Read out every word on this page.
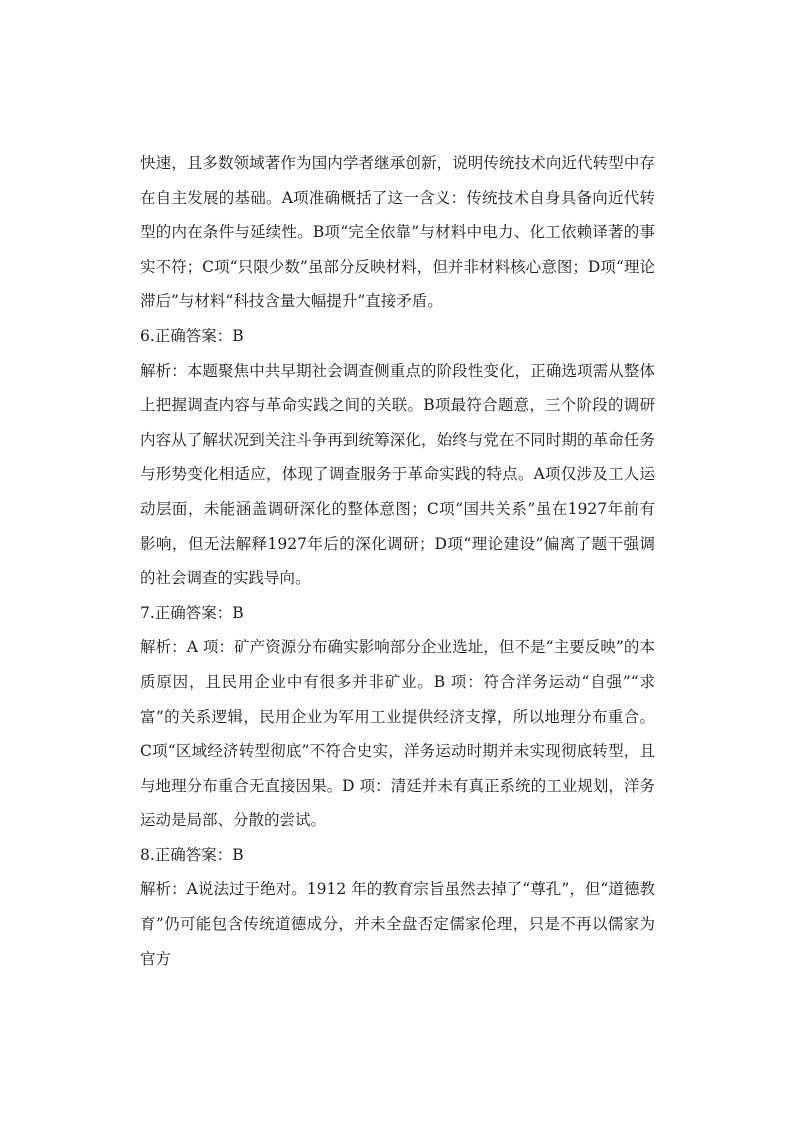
快速，且多数领域著作为国内学者继承创新，说明传统技术向近代转型中存在自主发展的基础。A项准确概括了这一含义：传统技术自身具备向近代转型的内在条件与延续性。B项“完全依靠”与材料中电力、化工依赖译著的事实不符；C项“只限少数”虽部分反映材料，但并非材料核心意图；D项“理论滞后”与材料“科技含量大幅提升”直接矛盾。

6.正确答案：B

解析：本题聚焦中共早期社会调查侧重点的阶段性变化，正确选项需从整体上把握调查内容与革命实践之间的关联。B项最符合题意，三个阶段的调研内容从了解状况到关注斗争再到统筹深化，始终与党在不同时期的革命任务与形势变化相适应，体现了调查服务于革命实践的特点。A项仅涉及工人运动层面，未能涵盖调研深化的整体意图；C项“国共关系”虽在1927年前有影响，但无法解释1927年后的深化调研；D项“理论建设”偏离了题干强调的社会调查的实践导向。

7.正确答案：B

解析：A 项：矿产资源分布确实影响部分企业选址，但不是“主要反映”的本质原因，且民用企业中有很多并非矿业。B 项：符合洋务运动“自强”“求富”的关系逻辑，民用企业为军用工业提供经济支撑，所以地理分布重合。C项“区域经济转型彻底”不符合史实，洋务运动时期并未实现彻底转型，且与地理分布重合无直接因果。D 项：清廷并未有真正系统的工业规划，洋务运动是局部、分散的尝试。

8.正确答案：B

解析：A说法过于绝对。1912 年的教育宗旨虽然去掉了“尊孔”，但“道德教育”仍可能包含传统道德成分，并未全盘否定儒家伦理，只是不再以儒家为官方
